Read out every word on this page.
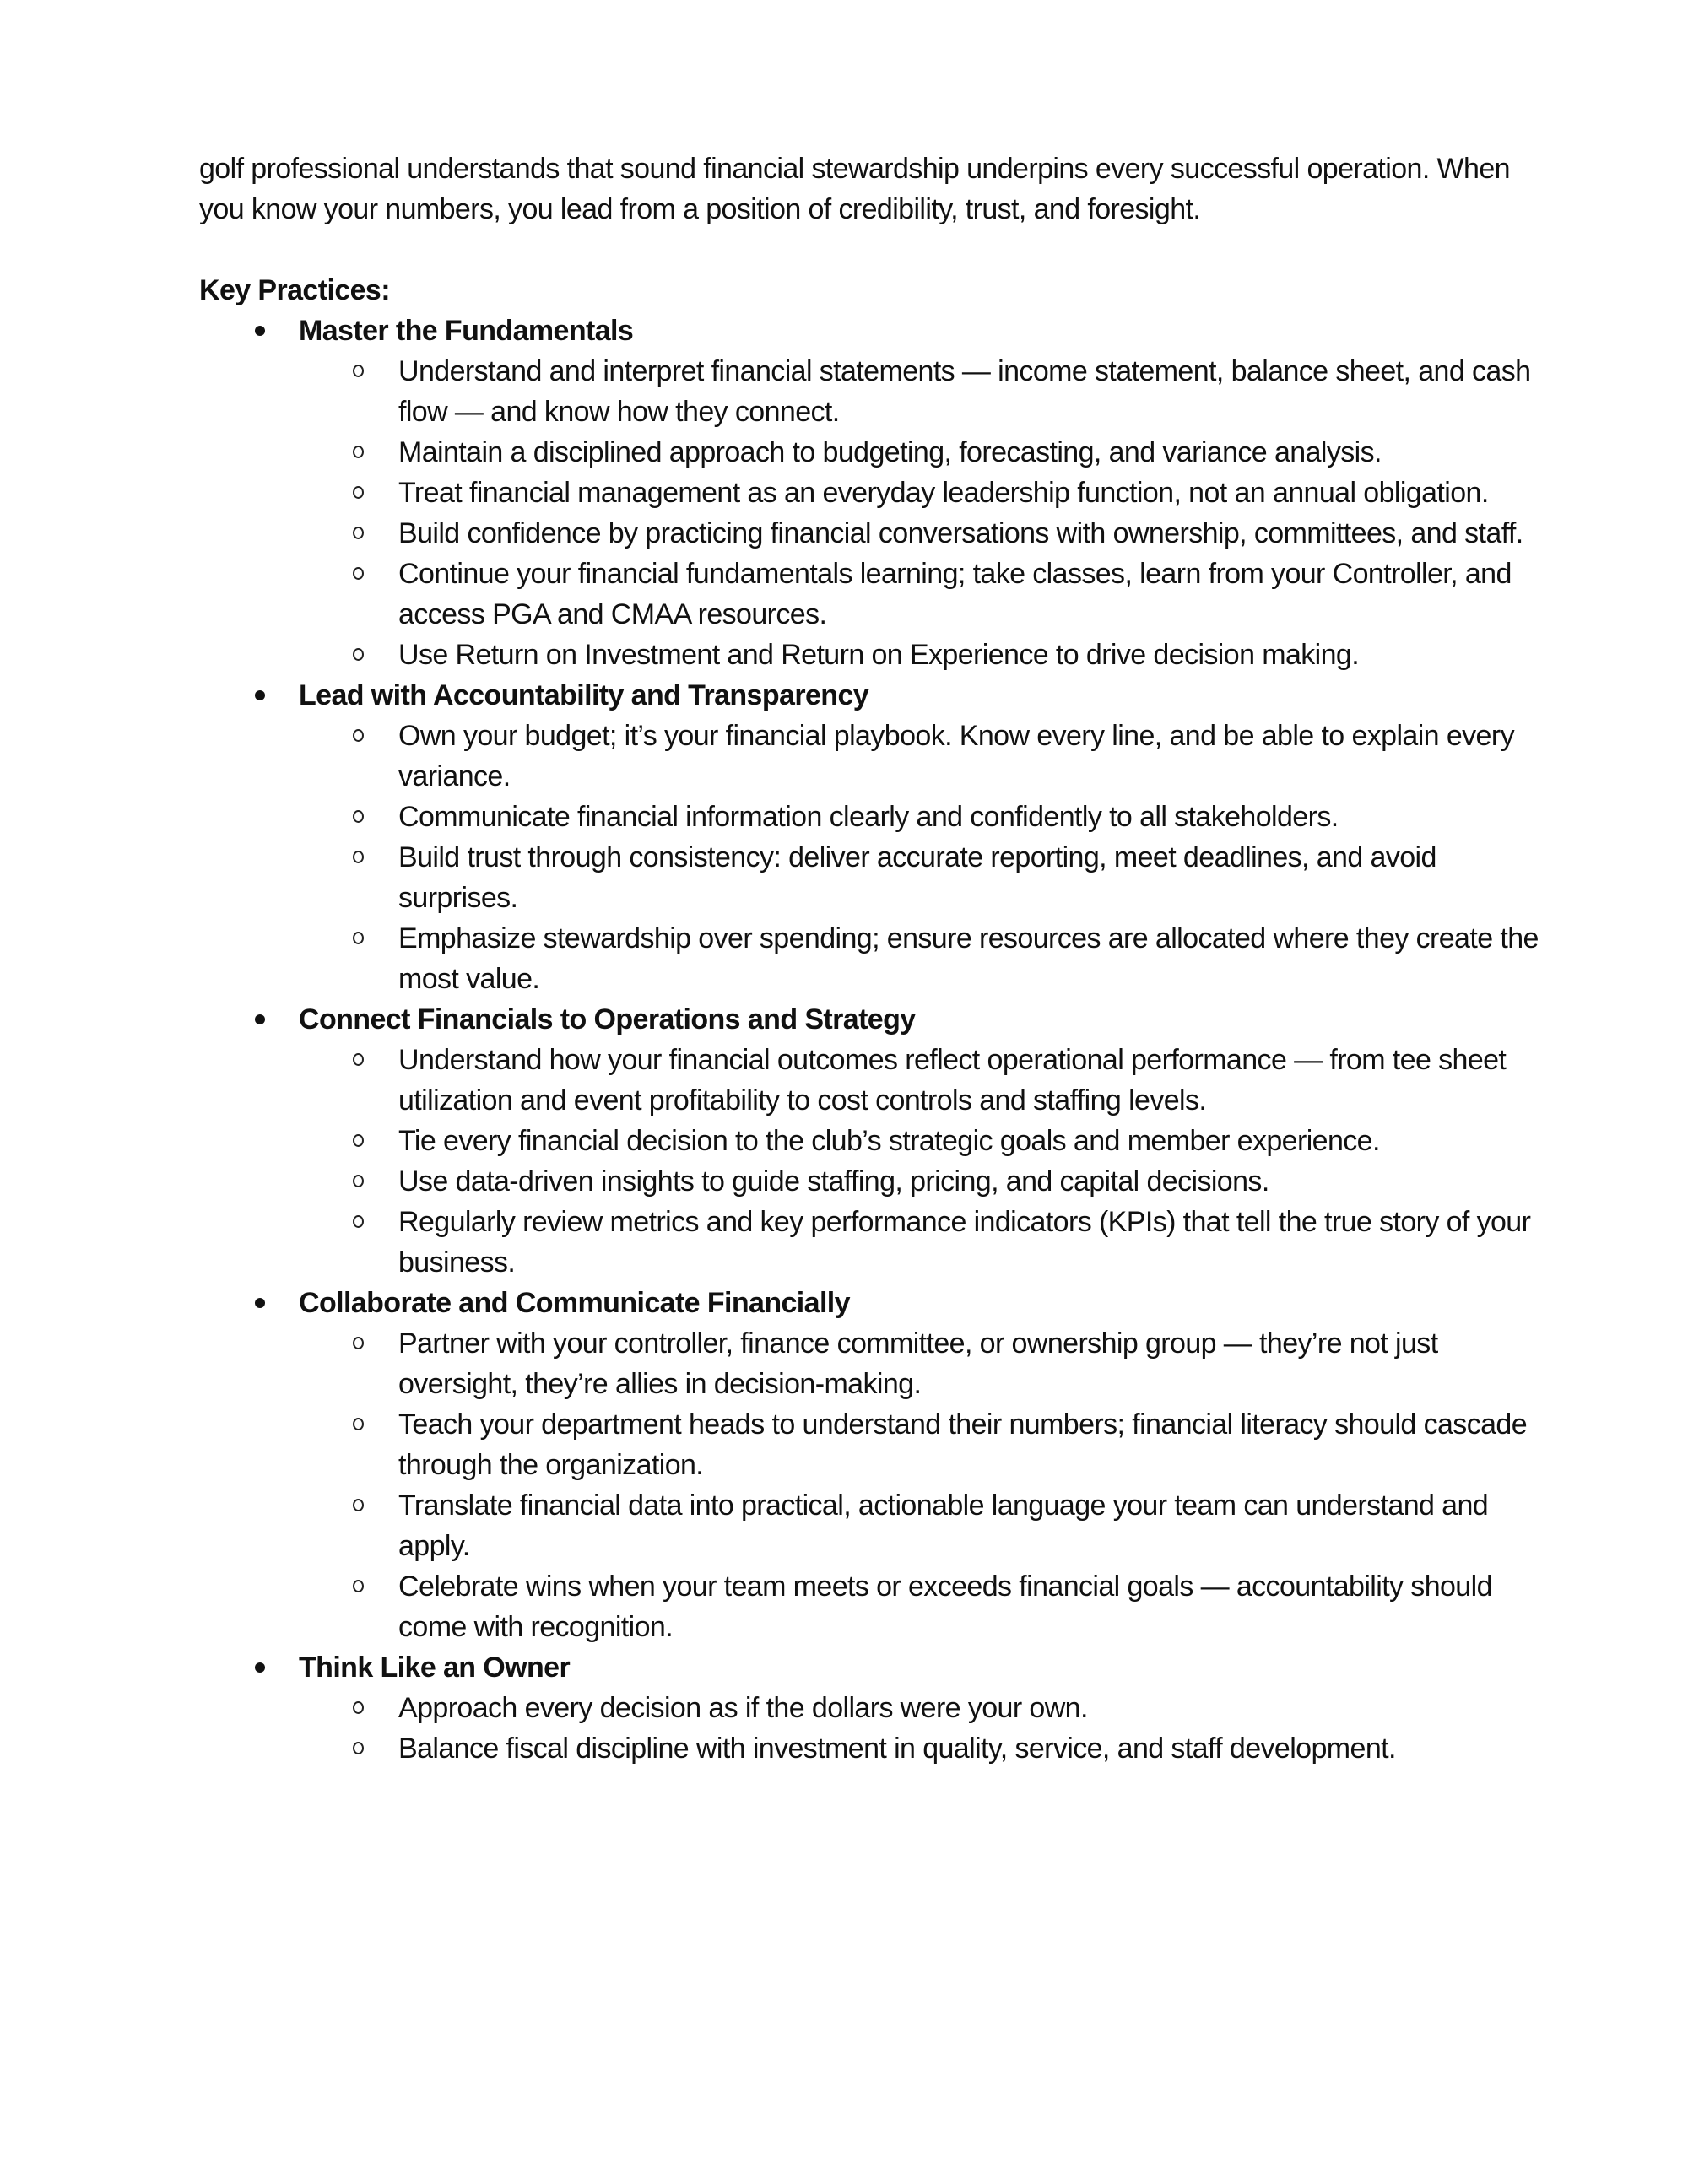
golf professional understands that sound financial stewardship underpins every successful operation. When you know your numbers, you lead from a position of credibility, trust, and foresight.

Key Practices:

Master the Fundamentals
Understand and interpret financial statements — income statement, balance sheet, and cash flow — and know how they connect.
Maintain a disciplined approach to budgeting, forecasting, and variance analysis.
Treat financial management as an everyday leadership function, not an annual obligation.
Build confidence by practicing financial conversations with ownership, committees, and staff.
Continue your financial fundamentals learning; take classes, learn from your Controller, and access PGA and CMAA resources.
Use Return on Investment and Return on Experience to drive decision making.
Lead with Accountability and Transparency
Own your budget; it’s your financial playbook. Know every line, and be able to explain every variance.
Communicate financial information clearly and confidently to all stakeholders.
Build trust through consistency: deliver accurate reporting, meet deadlines, and avoid surprises.
Emphasize stewardship over spending; ensure resources are allocated where they create the most value.
Connect Financials to Operations and Strategy
Understand how your financial outcomes reflect operational performance — from tee sheet utilization and event profitability to cost controls and staffing levels.
Tie every financial decision to the club’s strategic goals and member experience.
Use data-driven insights to guide staffing, pricing, and capital decisions.
Regularly review metrics and key performance indicators (KPIs) that tell the true story of your business.
Collaborate and Communicate Financially
Partner with your controller, finance committee, or ownership group — they’re not just oversight, they’re allies in decision-making.
Teach your department heads to understand their numbers; financial literacy should cascade through the organization.
Translate financial data into practical, actionable language your team can understand and apply.
Celebrate wins when your team meets or exceeds financial goals — accountability should come with recognition.
Think Like an Owner
Approach every decision as if the dollars were your own.
Balance fiscal discipline with investment in quality, service, and staff development.
